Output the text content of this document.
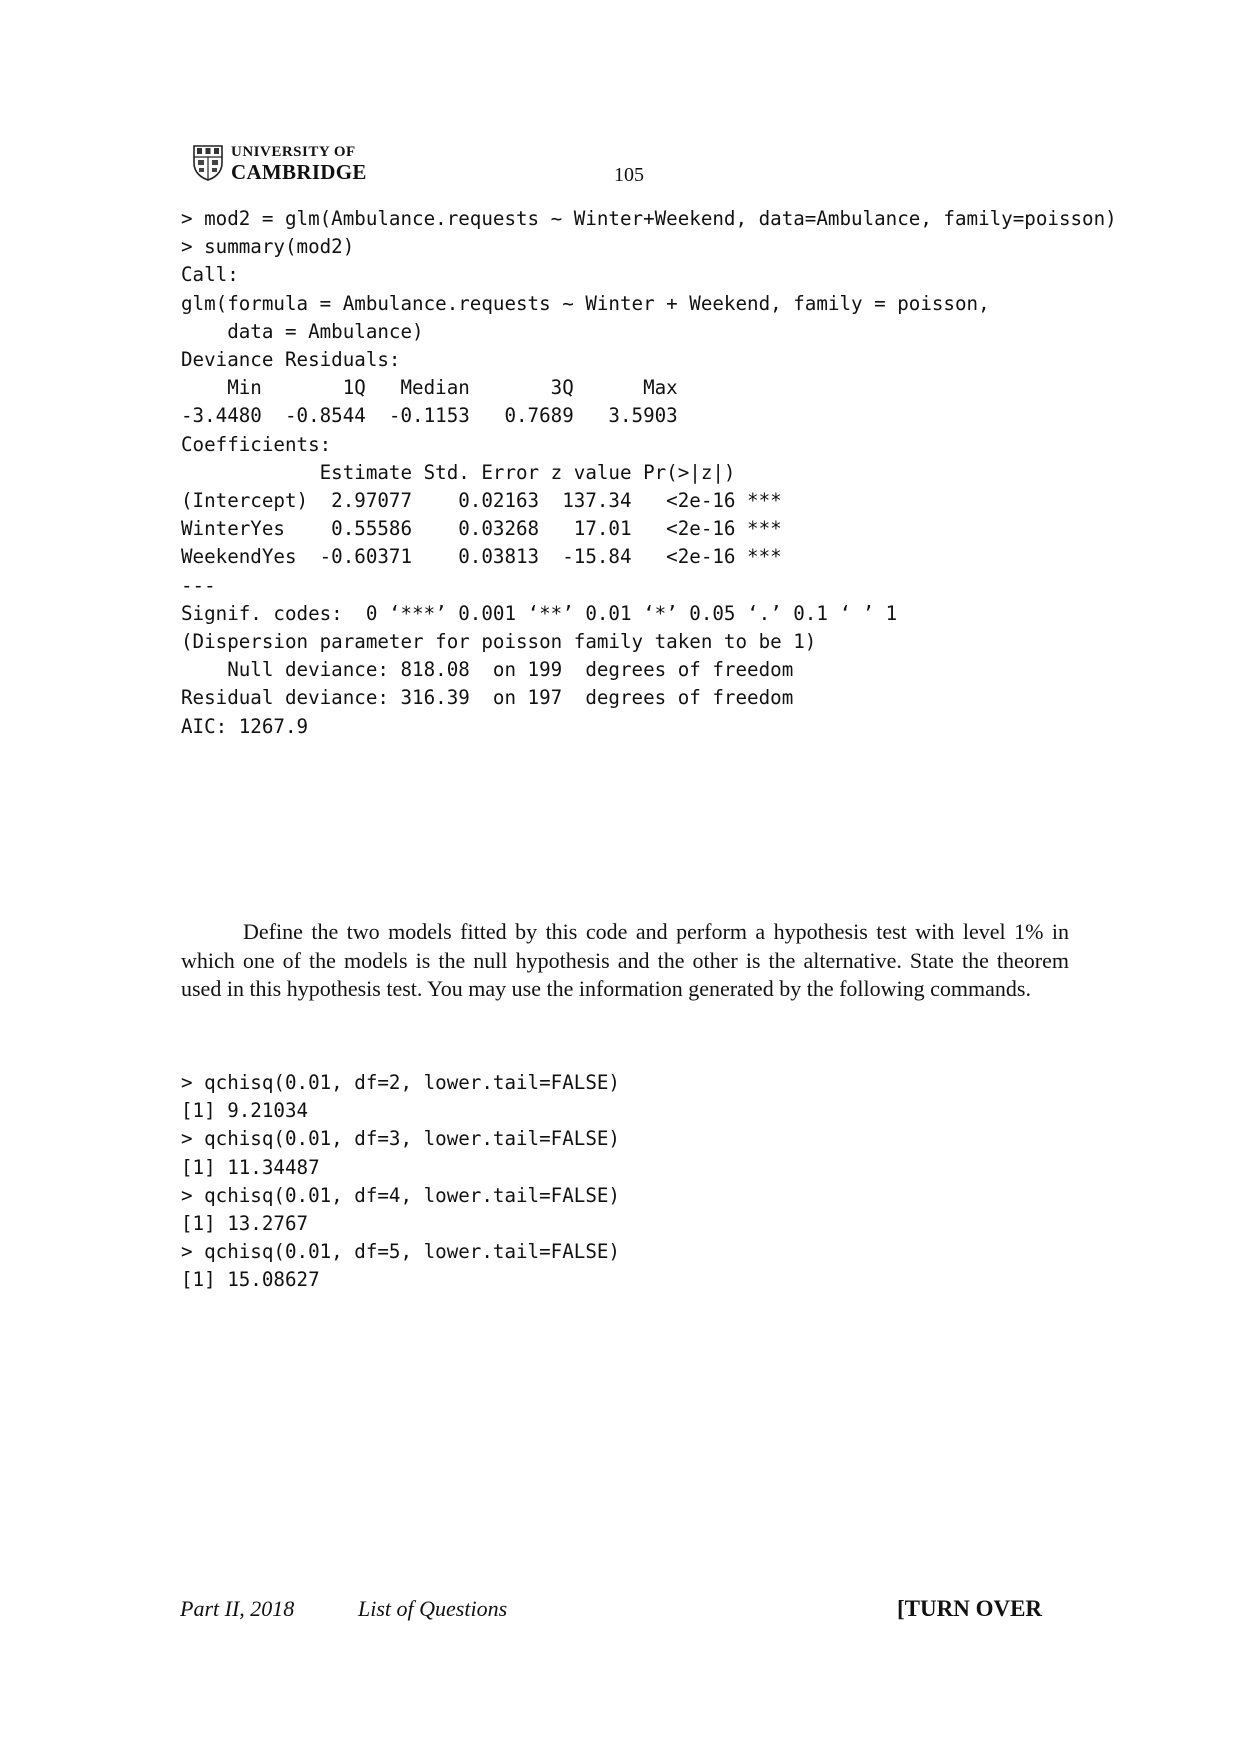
UNIVERSITY OF
CAMBRIDGE	105
> mod2 = glm(Ambulance.requests ~ Winter+Weekend, data=Ambulance, family=poisson)
> summary(mod2)
Call:
glm(formula = Ambulance.requests ~ Winter + Weekend, family = poisson,
data = Ambulance)
Deviance Residuals:
Min       1Q   Median       3Q      Max
-3.4480  -0.8544  -0.1153   0.7689   3.5903
Coefficients:
Estimate Std. Error z value Pr(>|z|)
(Intercept)  2.97077    0.02163  137.34   <2e-16 ***
WinterYes    0.55586    0.03268   17.01   <2e-16 ***
WeekendYes  -0.60371    0.03813  -15.84   <2e-16 ***
---
Signif. codes:  0 ‘***’ 0.001 ‘**’ 0.01 ‘*’ 0.05 ‘.’ 0.1 ‘ ’ 1
(Dispersion parameter for poisson family taken to be 1)
Null deviance: 818.08  on 199  degrees of freedom
Residual deviance: 316.39  on 197  degrees of freedom
AIC: 1267.9

Define the two models fitted by this code and perform a hypothesis test with level 1% in which one of the models is the null hypothesis and the other is the alternative. State the theorem used in this hypothesis test. You may use the information generated by the following commands.

> qchisq(0.01, df=2, lower.tail=FALSE)
[1] 9.21034
> qchisq(0.01, df=3, lower.tail=FALSE)
[1] 11.34487
> qchisq(0.01, df=4, lower.tail=FALSE)
[1] 13.2767
> qchisq(0.01, df=5, lower.tail=FALSE)
[1] 15.08627
Part II, 2018	List of Questions	[TURN OVER
